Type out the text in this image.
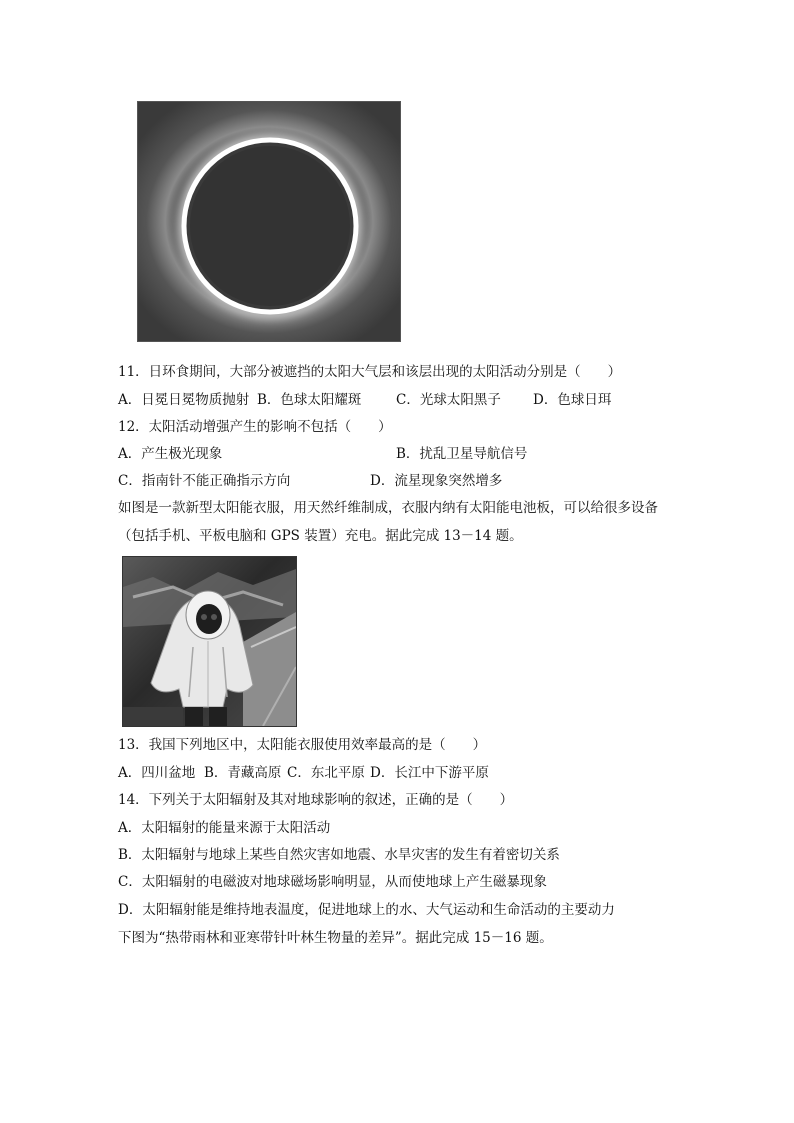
11．日环食期间，大部分被遮挡的太阳大气层和该层出现的太阳活动分别是（　　）
A．日冕日冕物质抛射 B．色球太阳耀斑	C．光球太阳黑子 D．色球日珥
12．太阳活动增强产生的影响不包括（　　）
A．产生极光现象	B．扰乱卫星导航信号
C．指南针不能正确指示方向	D．流星现象突然增多
如图是一款新型太阳能衣服，用天然纤维制成，衣服内纳有太阳能电池板，可以给很多设备
（包括手机、平板电脑和 GPS 装置）充电。据此完成 13－14 题。
13．我国下列地区中，太阳能衣服使用效率最高的是（　　）
A．四川盆地 B．青藏高原 C．东北平原 D．长江中下游平原
14．下列关于太阳辐射及其对地球影响的叙述，正确的是（　　）
A．太阳辐射的能量来源于太阳活动
B．太阳辐射与地球上某些自然灾害如地震、水旱灾害的发生有着密切关系
C．太阳辐射的电磁波对地球磁场影响明显，从而使地球上产生磁暴现象
D．太阳辐射能是维持地表温度，促进地球上的水、大气运动和生命活动的主要动力
下图为“热带雨林和亚寒带针叶林生物量的差异”。据此完成 15－16 题。
